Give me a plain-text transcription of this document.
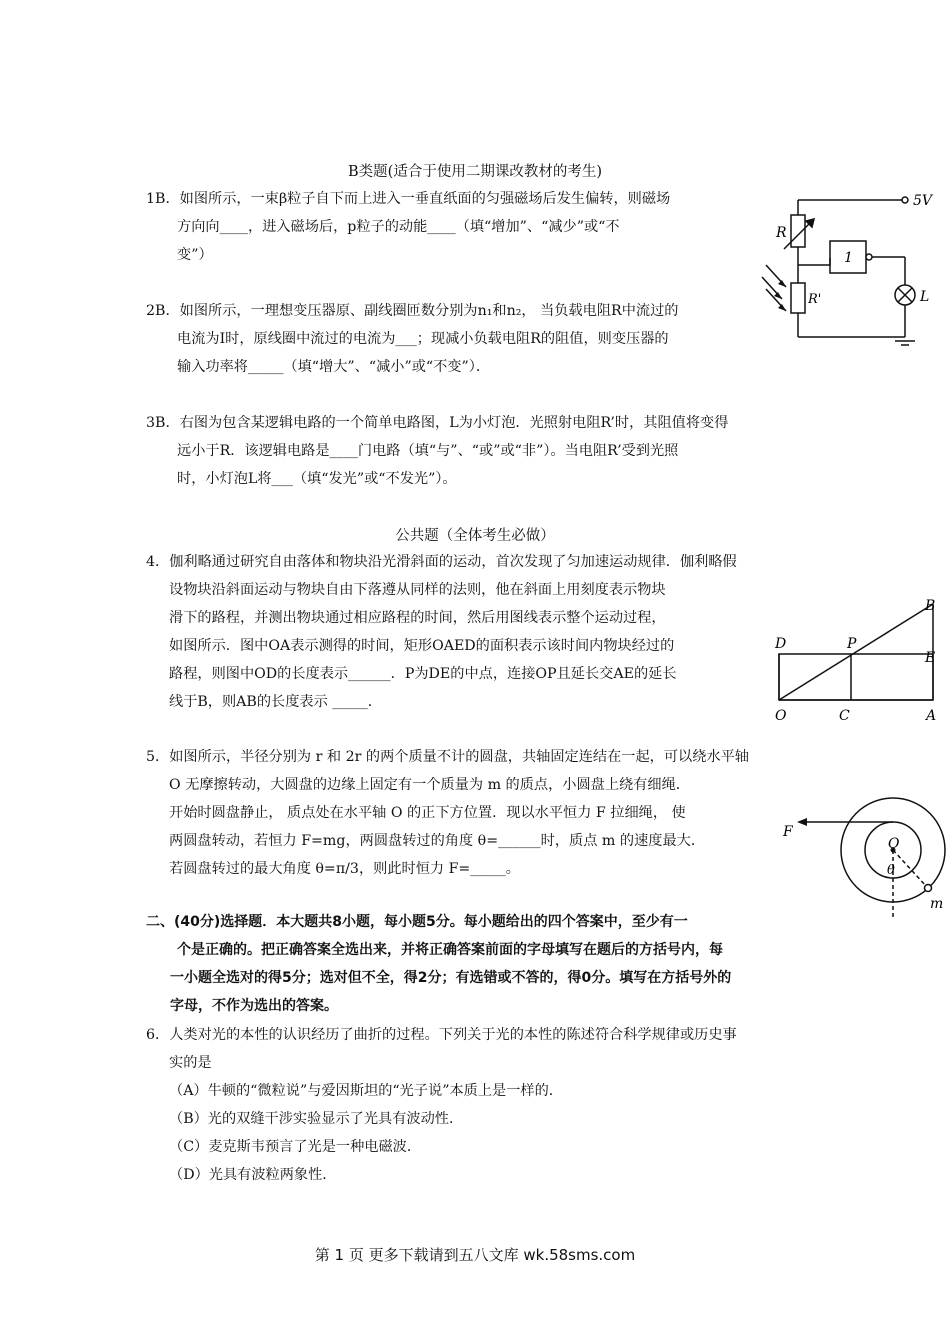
B类题(适合于使用二期课改教材的考生)
1B．如图所示，一束β粒子自下而上进入一垂直纸面的匀强磁场后发生偏转，则磁场
方向向____，进入磁场后，p粒子的动能____（填“增加”、“减少”或“不
变”）
2B．如图所示，一理想变压器原、副线圈匝数分别为n₁和n₂， 当负载电阻R中流过的
电流为I时，原线圈中流过的电流为___；现减小负载电阻R的阻值，则变压器的
输入功率将_____（填“增大”、“减小”或“不变”）．
3B．右图为包含某逻辑电路的一个简单电路图，L为小灯泡．光照射电阻R’时，其阻值将变得
远小于R．该逻辑电路是____门电路（填“与”、“或”或“非”）。当电阻R’受到光照
时，小灯泡L将___（填“发光”或“不发光”）。
5V
R
1
R'	L
公共题（全体考生必做）
4．伽利略通过研究自由落体和物块沿光滑斜面的运动，首次发现了匀加速运动规律．伽利略假
设物块沿斜面运动与物块自由下落遵从同样的法则，他在斜面上用刻度表示物块
滑下的路程，并测出物块通过相应路程的时间，然后用图线表示整个运动过程，
如图所示．图中OA表示测得的时间，矩形OAED的面积表示该时间内物块经过的
路程，则图中OD的长度表示______．P为DE的中点，连接OP且延长交AE的延长
线于B，则AB的长度表示 _____．
B
D	P
E
O	C	A
5．如图所示，半径分别为 r 和 2r 的两个质量不计的圆盘，共轴固定连结在一起，可以绕水平轴
O 无摩擦转动，大圆盘的边缘上固定有一个质量为 m 的质点，小圆盘上绕有细绳．
开始时圆盘静止， 质点处在水平轴 O 的正下方位置．现以水平恒力 F 拉细绳， 使
两圆盘转动，若恒力 F=mg，两圆盘转过的角度 θ=______时，质点 m 的速度最大．
若圆盘转过的最大角度 θ=π/3，则此时恒力 F=_____。
F
O
θ
m
二、(40分)选择题．本大题共8小题，每小题5分。每小题给出的四个答案中，至少有一
个是正确的。把正确答案全选出来，并将正确答案前面的字母填写在题后的方括号内，每
一小题全选对的得5分；选对但不全，得2分；有选错或不答的，得0分。填写在方括号外的
字母，不作为选出的答案。
6．人类对光的本性的认识经历了曲折的过程。下列关于光的本性的陈述符合科学规律或历史事
实的是
（A）牛顿的“微粒说”与爱因斯坦的“光子说”本质上是一样的．
（B）光的双缝干涉实验显示了光具有波动性．
（C）麦克斯韦预言了光是一种电磁波．
（D）光具有波粒两象性．
第 1 页 更多下载请到五八文库 wk.58sms.com
